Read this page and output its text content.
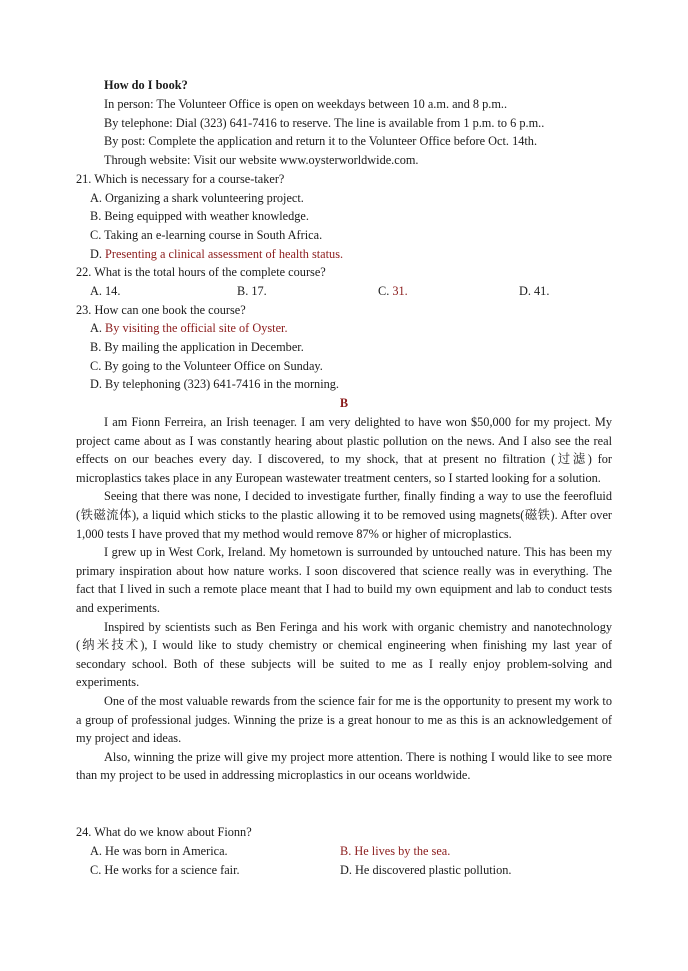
How do I book?
In person: The Volunteer Office is open on weekdays between 10 a.m. and 8 p.m..
By telephone: Dial (323) 641-7416 to reserve. The line is available from 1 p.m. to 6 p.m..
By post: Complete the application and return it to the Volunteer Office before Oct. 14th.
Through website: Visit our website www.oysterworldwide.com.
21. Which is necessary for a course-taker?
A. Organizing a shark volunteering project.
B. Being equipped with weather knowledge.
C. Taking an e-learning course in South Africa.
D. Presenting a clinical assessment of health status.
22. What is the total hours of the complete course?
A. 14.	B. 17.	C. 31.	D. 41.
23. How can one book the course?
A. By visiting the official site of Oyster.
B. By mailing the application in December.
C. By going to the Volunteer Office on Sunday.
D. By telephoning (323) 641-7416 in the morning.
B

I am Fionn Ferreira, an Irish teenager. I am very delighted to have won $50,000 for my project. My project came about as I was constantly hearing about plastic pollution on the news. And I also see the real effects on our beaches every day. I discovered, to my shock, that at present no filtration (过滤) for microplastics takes place in any European wastewater treatment centers, so I started looking for a solution.

Seeing that there was none, I decided to investigate further, finally finding a way to use the feerofluid (铁磁流体), a liquid which sticks to the plastic allowing it to be removed using magnets(磁铁). After over 1,000 tests I have proved that my method would remove 87% or higher of microplastics.

I grew up in West Cork, Ireland. My hometown is surrounded by untouched nature. This has been my primary inspiration about how nature works. I soon discovered that science really was in everything. The fact that I lived in such a remote place meant that I had to build my own equipment and lab to conduct tests and experiments.

Inspired by scientists such as Ben Feringa and his work with organic chemistry and nanotechnology (纳米技术), I would like to study chemistry or chemical engineering when finishing my last year of secondary school. Both of these subjects will be suited to me as I really enjoy problem-solving and experiments.

One of the most valuable rewards from the science fair for me is the opportunity to present my work to a group of professional judges. Winning the prize is a great honour to me as this is an acknowledgement of my project and ideas.

Also, winning the prize will give my project more attention. There is nothing I would like to see more than my project to be used in addressing microplastics in our oceans worldwide.

24. What do we know about Fionn?
A. He was born in America.	B. He lives by the sea.
C. He works for a science fair.	D. He discovered plastic pollution.
